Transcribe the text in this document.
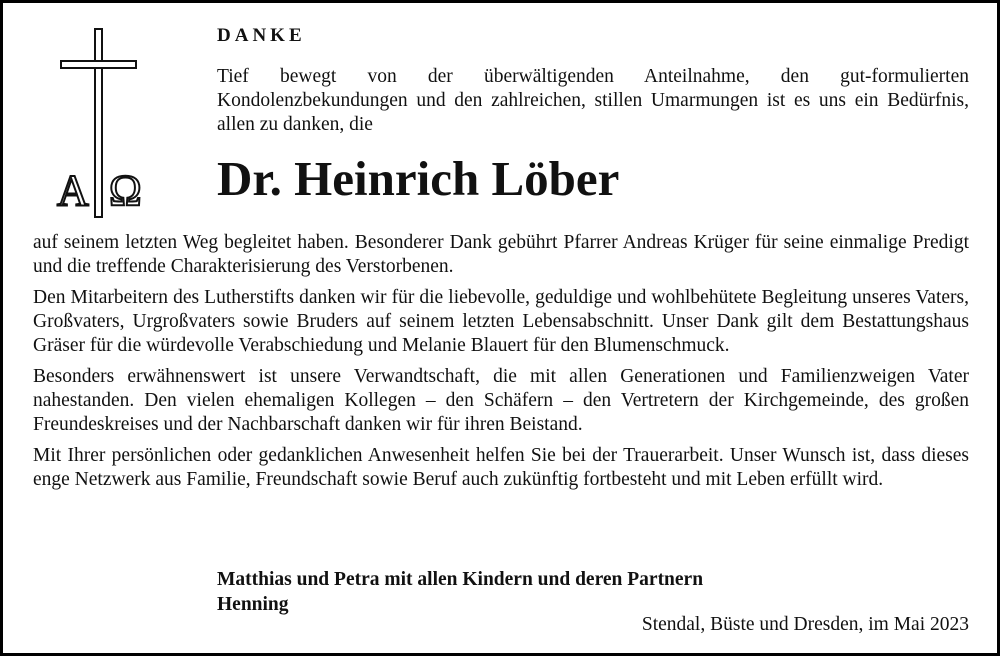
A Ω
DANKE

Tief bewegt von der überwältigenden Anteilnahme, den gut-formulierten Kondolenzbekundungen und den zahlreichen, stillen Umarmungen ist es uns ein Bedürfnis, allen zu danken, die

Dr. Heinrich Löber

auf seinem letzten Weg begleitet haben. Besonderer Dank gebührt Pfarrer Andreas Krüger für seine einmalige Predigt und die treffende Charakterisierung des Verstorbenen.

Den Mitarbeitern des Lutherstifts danken wir für die liebevolle, geduldige und wohlbehütete Begleitung unseres Vaters, Großvaters, Urgroßvaters sowie Bruders auf seinem letzten Lebensabschnitt. Unser Dank gilt dem Bestattungshaus Gräser für die würdevolle Verabschiedung und Melanie Blauert für den Blumenschmuck.

Besonders erwähnenswert ist unsere Verwandtschaft, die mit allen Generationen und Familienzweigen Vater nahestanden. Den vielen ehemaligen Kollegen – den Schäfern – den Vertretern der Kirchgemeinde, des großen Freundeskreises und der Nachbarschaft danken wir für ihren Beistand.

Mit Ihrer persönlichen oder gedanklichen Anwesenheit helfen Sie bei der Trauerarbeit. Unser Wunsch ist, dass dieses enge Netzwerk aus Familie, Freundschaft sowie Beruf auch zukünftig fortbesteht und mit Leben erfüllt wird.

Matthias und Petra mit allen Kindern und deren Partnern
Henning
Stendal, Büste und Dresden, im Mai 2023
